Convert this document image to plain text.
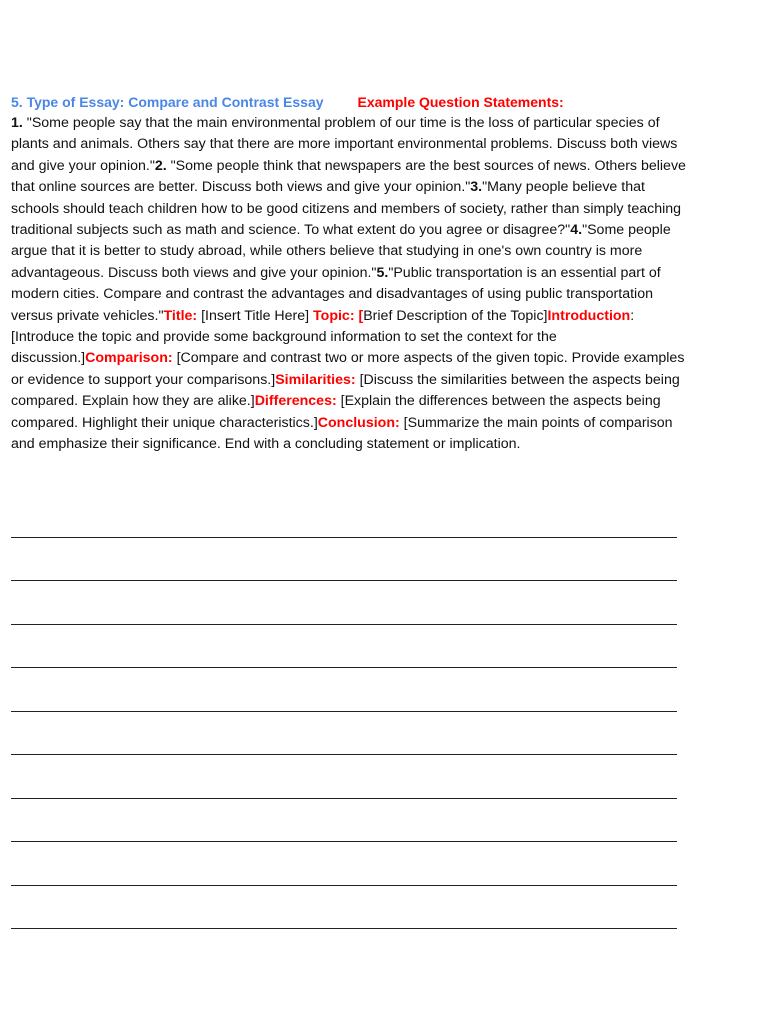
5. Type of Essay: Compare and Contrast Essay Example Question Statements:

1. "Some people say that the main environmental problem of our time is the loss of particular species of plants and animals. Others say that there are more important environmental problems. Discuss both views and give your opinion."2. "Some people think that newspapers are the best sources of news. Others believe that online sources are better. Discuss both views and give your opinion."3."Many people believe that schools should teach children how to be good citizens and members of society, rather than simply teaching traditional subjects such as math and science. To what extent do you agree or disagree?"4."Some people argue that it is better to study abroad, while others believe that studying in one's own country is more advantageous. Discuss both views and give your opinion."5."Public transportation is an essential part of modern cities. Compare and contrast the advantages and disadvantages of using public transportation versus private vehicles."Title: [Insert Title Here] Topic: [Brief Description of the Topic]Introduction: [Introduce the topic and provide some background information to set the context for the discussion.]Comparison: [Compare and contrast two or more aspects of the given topic. Provide examples or evidence to support your comparisons.]Similarities: [Discuss the similarities between the aspects being compared. Explain how they are alike.]Differences: [Explain the differences between the aspects being compared. Highlight their unique characteristics.]Conclusion: [Summarize the main points of comparison and emphasize their significance. End with a concluding statement or implication.
